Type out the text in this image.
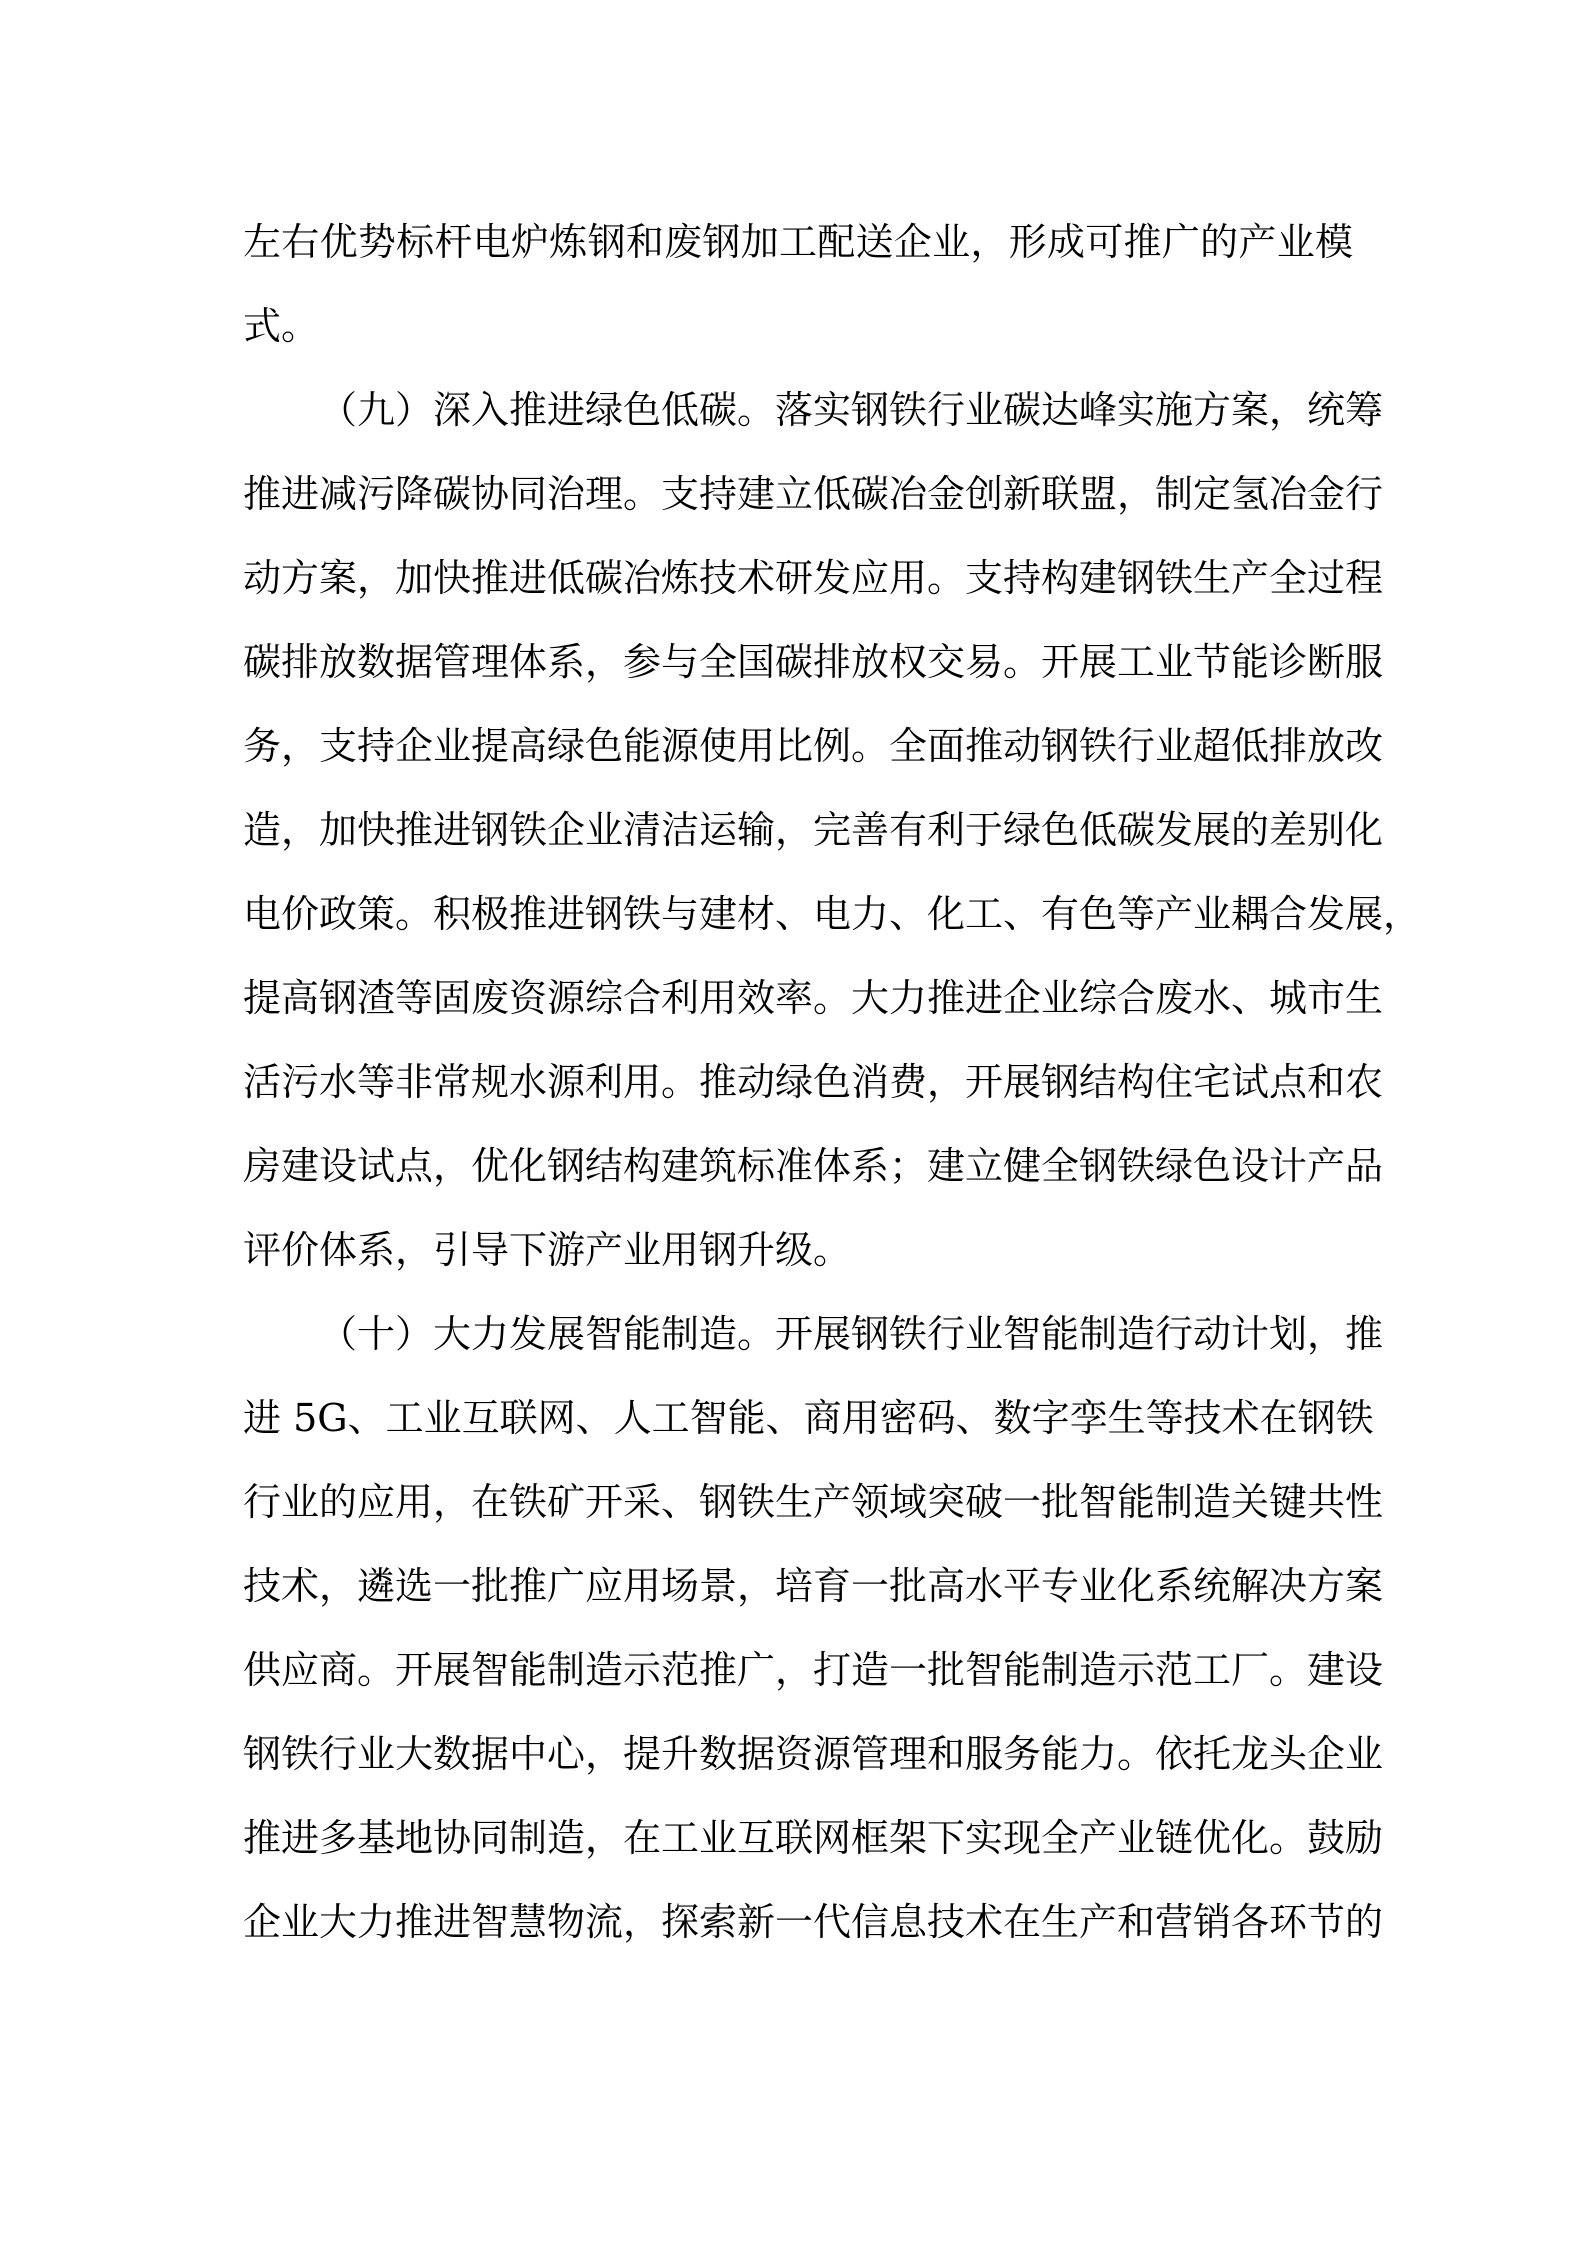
左右优势标杆电炉炼钢和废钢加工配送企业，形成可推广的产业模
式。
（九）深入推进绿色低碳。落实钢铁行业碳达峰实施方案，统筹
推进减污降碳协同治理。支持建立低碳冶金创新联盟，制定氢冶金行
动方案，加快推进低碳冶炼技术研发应用。支持构建钢铁生产全过程
碳排放数据管理体系，参与全国碳排放权交易。开展工业节能诊断服
务，支持企业提高绿色能源使用比例。全面推动钢铁行业超低排放改
造，加快推进钢铁企业清洁运输，完善有利于绿色低碳发展的差别化
电价政策。积极推进钢铁与建材、电力、化工、有色等产业耦合发展，
提高钢渣等固废资源综合利用效率。大力推进企业综合废水、城市生
活污水等非常规水源利用。推动绿色消费，开展钢结构住宅试点和农
房建设试点，优化钢结构建筑标准体系；建立健全钢铁绿色设计产品
评价体系，引导下游产业用钢升级。
（十）大力发展智能制造。开展钢铁行业智能制造行动计划，推
进 5G、工业互联网、人工智能、商用密码、数字孪生等技术在钢铁
行业的应用，在铁矿开采、钢铁生产领域突破一批智能制造关键共性
技术，遴选一批推广应用场景，培育一批高水平专业化系统解决方案
供应商。开展智能制造示范推广，打造一批智能制造示范工厂。建设
钢铁行业大数据中心，提升数据资源管理和服务能力。依托龙头企业
推进多基地协同制造，在工业互联网框架下实现全产业链优化。鼓励
企业大力推进智慧物流，探索新一代信息技术在生产和营销各环节的
